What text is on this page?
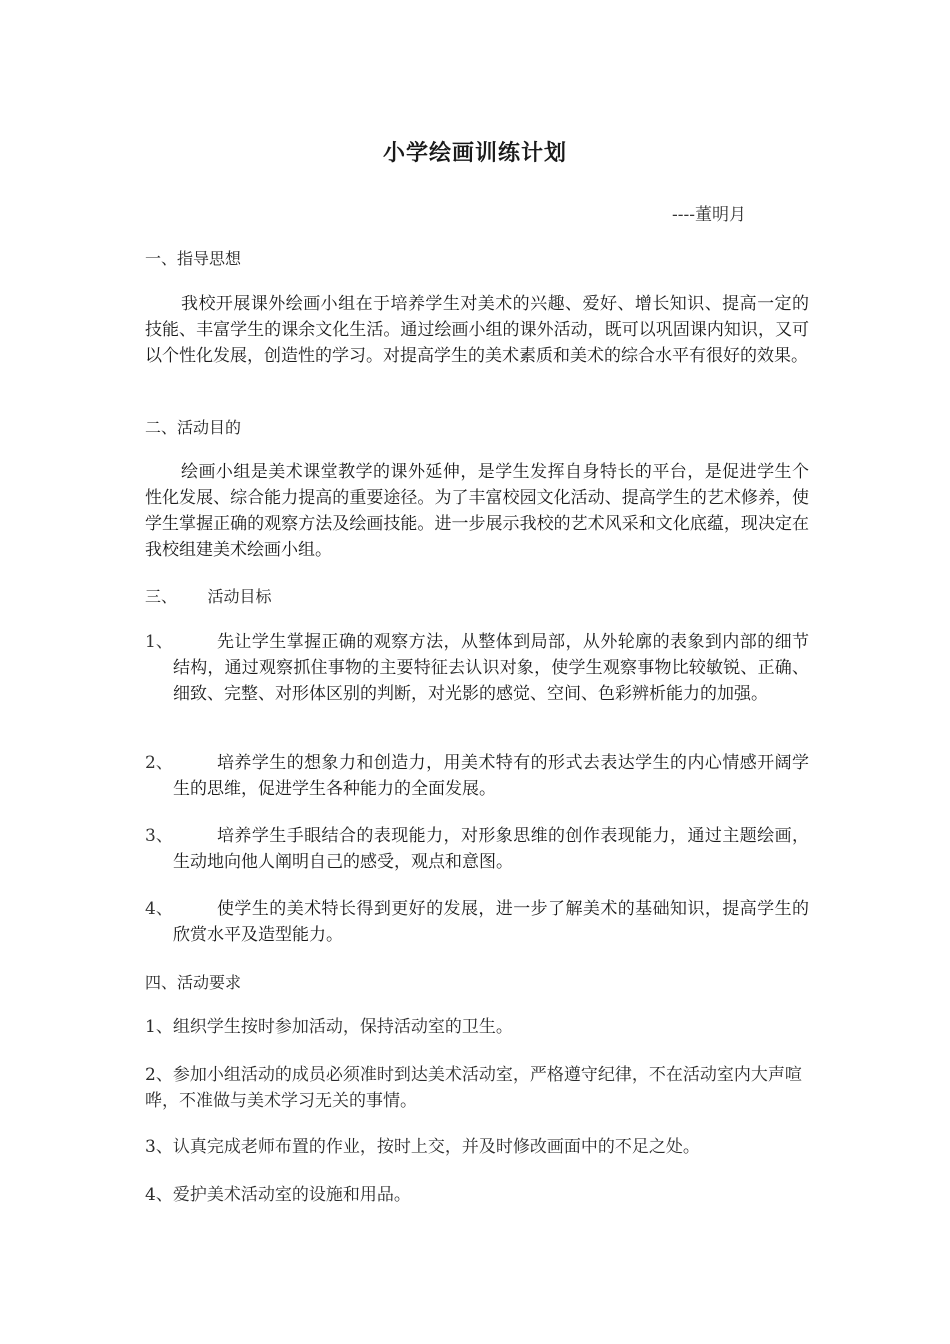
小学绘画训练计划
----董明月
一、指导思想
我校开展课外绘画小组在于培养学生对美术的兴趣、爱好、增长知识、提高一定的技能、丰富学生的课余文化生活。通过绘画小组的课外活动，既可以巩固课内知识，又可以个性化发展，创造性的学习。对提高学生的美术素质和美术的综合水平有很好的效果。
二、活动目的
绘画小组是美术课堂教学的课外延伸，是学生发挥自身特长的平台，是促进学生个性化发展、综合能力提高的重要途径。为了丰富校园文化活动、提高学生的艺术修养，使学生掌握正确的观察方法及绘画技能。进一步展示我校的艺术风采和文化底蕴，现决定在我校组建美术绘画小组。
三、      活动目标
1、	先让学生掌握正确的观察方法，从整体到局部，从外轮廓的表象到内部的细节结构，通过观察抓住事物的主要特征去认识对象，使学生观察事物比较敏锐、正确、细致、完整、对形体区别的判断，对光影的感觉、空间、色彩辨析能力的加强。
2、	培养学生的想象力和创造力，用美术特有的形式去表达学生的内心情感开阔学生的思维，促进学生各种能力的全面发展。
3、	培养学生手眼结合的表现能力，对形象思维的创作表现能力，通过主题绘画，生动地向他人阐明自己的感受，观点和意图。
4、	使学生的美术特长得到更好的发展，进一步了解美术的基础知识，提高学生的欣赏水平及造型能力。
四、活动要求
1、组织学生按时参加活动，保持活动室的卫生。
2、参加小组活动的成员必须准时到达美术活动室，严格遵守纪律，不在活动室内大声喧哗，不准做与美术学习无关的事情。
3、认真完成老师布置的作业，按时上交，并及时修改画面中的不足之处。
4、爱护美术活动室的设施和用品。
